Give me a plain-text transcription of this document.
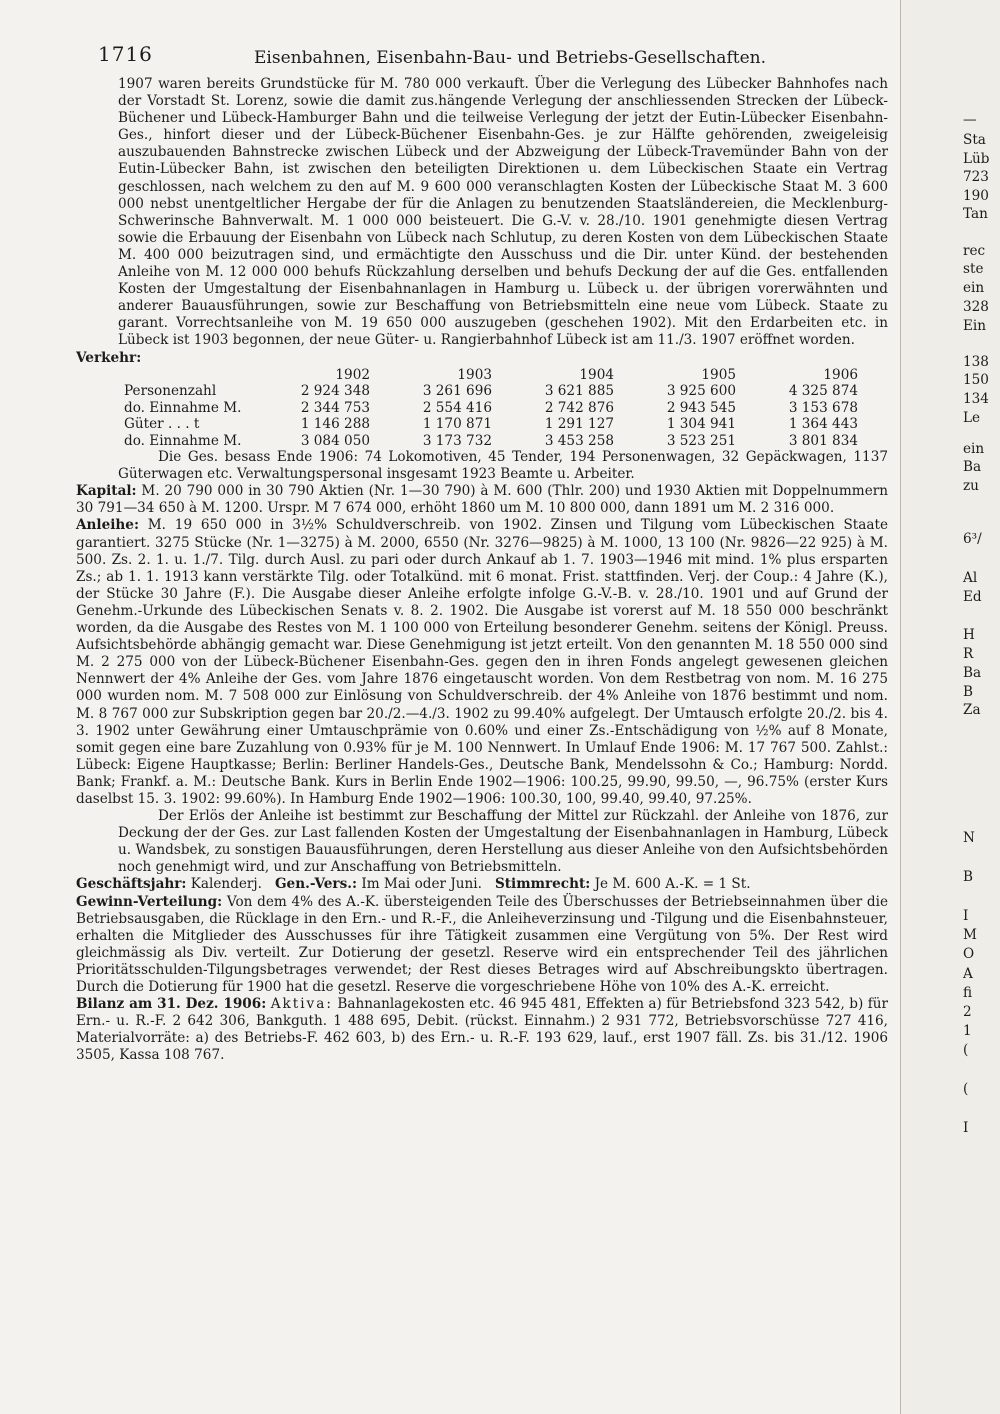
—
Sta
Lüb
723
190
Tan
rec
ste
ein
328
Ein
138
150
134
Le
ein
Ba
zu
6³/
Al
Ed
H
R
Ba
B
Za
N
B
I
M
O
A
fi
2
1
(
(
I
1716	Eisenbahnen, Eisenbahn-Bau- und Betriebs-Gesellschaften.

1907 waren bereits Grundstücke für M. 780 000 verkauft. Über die Verlegung des Lübecker Bahnhofes nach der Vorstadt St. Lorenz, sowie die damit zus.hängende Verlegung der anschliessenden Strecken der Lübeck-Büchener und Lübeck-Hamburger Bahn und die teilweise Verlegung der jetzt der Eutin-Lübecker Eisenbahn-Ges., hinfort dieser und der Lübeck-Büchener Eisenbahn-Ges. je zur Hälfte gehörenden, zweigeleisig auszubauenden Bahnstrecke zwischen Lübeck und der Abzweigung der Lübeck-Travemünder Bahn von der Eutin-Lübecker Bahn, ist zwischen den beteiligten Direktionen u. dem Lübeckischen Staate ein Vertrag geschlossen, nach welchem zu den auf M. 9 600 000 veranschlagten Kosten der Lübeckische Staat M. 3 600 000 nebst unentgeltlicher Hergabe der für die Anlagen zu benutzenden Staatsländereien, die Mecklenburg-Schwerinsche Bahnverwalt. M. 1 000 000 beisteuert. Die G.-V. v. 28./10. 1901 genehmigte diesen Vertrag sowie die Erbauung der Eisenbahn von Lübeck nach Schlutup, zu deren Kosten von dem Lübeckischen Staate M. 400 000 beizutragen sind, und ermächtigte den Ausschuss und die Dir. unter Künd. der bestehenden Anleihe von M. 12 000 000 behufs Rückzahlung derselben und behufs Deckung der auf die Ges. entfallenden Kosten der Umgestaltung der Eisenbahnanlagen in Hamburg u. Lübeck u. der übrigen vorerwähnten und anderer Bauausführungen, sowie zur Beschaffung von Betriebsmitteln eine neue vom Lübeck. Staate zu garant. Vorrechtsanleihe von M. 19 650 000 auszugeben (geschehen 1902). Mit den Erdarbeiten etc. in Lübeck ist 1903 begonnen, der neue Güter- u. Rangierbahnhof Lübeck ist am 11./3. 1907 eröffnet worden.

Verkehr:

	1902	1903	1904	1905	1906
Personenzahl	2 924 348	3 261 696	3 621 885	3 925 600	4 325 874
do. Einnahme M.	2 344 753	2 554 416	2 742 876	2 943 545	3 153 678
Güter . . . t	1 146 288	1 170 871	1 291 127	1 304 941	1 364 443
do. Einnahme M.	3 084 050	3 173 732	3 453 258	3 523 251	3 801 834

Die Ges. besass Ende 1906: 74 Lokomotiven, 45 Tender, 194 Personenwagen, 32 Gepäckwagen, 1137 Güterwagen etc. Verwaltungspersonal insgesamt 1923 Beamte u. Arbeiter.

Kapital: M. 20 790 000 in 30 790 Aktien (Nr. 1—30 790) à M. 600 (Thlr. 200) und 1930 Aktien mit Doppelnummern 30 791—34 650 à M. 1200. Urspr. M 7 674 000, erhöht 1860 um M. 10 800 000, dann 1891 um M. 2 316 000.

Anleihe: M. 19 650 000 in 3½% Schuldverschreib. von 1902. Zinsen und Tilgung vom Lübeckischen Staate garantiert. 3275 Stücke (Nr. 1—3275) à M. 2000, 6550 (Nr. 3276—9825) à M. 1000, 13 100 (Nr. 9826—22 925) à M. 500. Zs. 2. 1. u. 1./7. Tilg. durch Ausl. zu pari oder durch Ankauf ab 1. 7. 1903—1946 mit mind. 1% plus ersparten Zs.; ab 1. 1. 1913 kann verstärkte Tilg. oder Totalkünd. mit 6 monat. Frist. stattfinden. Verj. der Coup.: 4 Jahre (K.), der Stücke 30 Jahre (F.). Die Ausgabe dieser Anleihe erfolgte infolge G.-V.-B. v. 28./10. 1901 und auf Grund der Genehm.-Urkunde des Lübeckischen Senats v. 8. 2. 1902. Die Ausgabe ist vorerst auf M. 18 550 000 beschränkt worden, da die Ausgabe des Restes von M. 1 100 000 von Erteilung besonderer Genehm. seitens der Königl. Preuss. Aufsichtsbehörde abhängig gemacht war. Diese Genehmigung ist jetzt erteilt. Von den genannten M. 18 550 000 sind M. 2 275 000 von der Lübeck-Büchener Eisenbahn-Ges. gegen den in ihren Fonds angelegt gewesenen gleichen Nennwert der 4% Anleihe der Ges. vom Jahre 1876 eingetauscht worden. Von dem Restbetrag von nom. M. 16 275 000 wurden nom. M. 7 508 000 zur Einlösung von Schuldverschreib. der 4% Anleihe von 1876 bestimmt und nom. M. 8 767 000 zur Subskription gegen bar 20./2.—4./3. 1902 zu 99.40% aufgelegt. Der Umtausch erfolgte 20./2. bis 4. 3. 1902 unter Gewährung einer Umtauschprämie von 0.60% und einer Zs.-Entschädigung von ½% auf 8 Monate, somit gegen eine bare Zuzahlung von 0.93% für je M. 100 Nennwert. In Umlauf Ende 1906: M. 17 767 500. Zahlst.: Lübeck: Eigene Hauptkasse; Berlin: Berliner Handels-Ges., Deutsche Bank, Mendelssohn & Co.; Hamburg: Nordd. Bank; Frankf. a. M.: Deutsche Bank. Kurs in Berlin Ende 1902—1906: 100.25, 99.90, 99.50, —, 96.75% (erster Kurs daselbst 15. 3. 1902: 99.60%). In Hamburg Ende 1902—1906: 100.30, 100, 99.40, 99.40, 97.25%.

Der Erlös der Anleihe ist bestimmt zur Beschaffung der Mittel zur Rückzahl. der Anleihe von 1876, zur Deckung der der Ges. zur Last fallenden Kosten der Umgestaltung der Eisenbahnanlagen in Hamburg, Lübeck u. Wandsbek, zu sonstigen Bauausführungen, deren Herstellung aus dieser Anleihe von den Aufsichtsbehörden noch genehmigt wird, und zur Anschaffung von Betriebsmitteln.

Geschäftsjahr: Kalenderj. Gen.-Vers.: Im Mai oder Juni. Stimmrecht: Je M. 600 A.-K. = 1 St.

Gewinn-Verteilung: Von dem 4% des A.-K. übersteigenden Teile des Überschusses der Betriebseinnahmen über die Betriebsausgaben, die Rücklage in den Ern.- und R.-F., die Anleiheverzinsung und -Tilgung und die Eisenbahnsteuer, erhalten die Mitglieder des Ausschusses für ihre Tätigkeit zusammen eine Vergütung von 5%. Der Rest wird gleichmässig als Div. verteilt. Zur Dotierung der gesetzl. Reserve wird ein entsprechender Teil des jährlichen Prioritätsschulden-Tilgungsbetrages verwendet; der Rest dieses Betrages wird auf Abschreibungskto übertragen. Durch die Dotierung für 1900 hat die gesetzl. Reserve die vorgeschriebene Höhe von 10% des A.-K. erreicht.

Bilanz am 31. Dez. 1906: Aktiva: Bahnanlagekosten etc. 46 945 481, Effekten a) für Betriebsfond 323 542, b) für Ern.- u. R.-F. 2 642 306, Bankguth. 1 488 695, Debit. (rückst. Einnahm.) 2 931 772, Betriebsvorschüsse 727 416, Materialvorräte: a) des Betriebs-F. 462 603, b) des Ern.- u. R.-F. 193 629, lauf., erst 1907 fäll. Zs. bis 31./12. 1906 3505, Kassa 108 767.
